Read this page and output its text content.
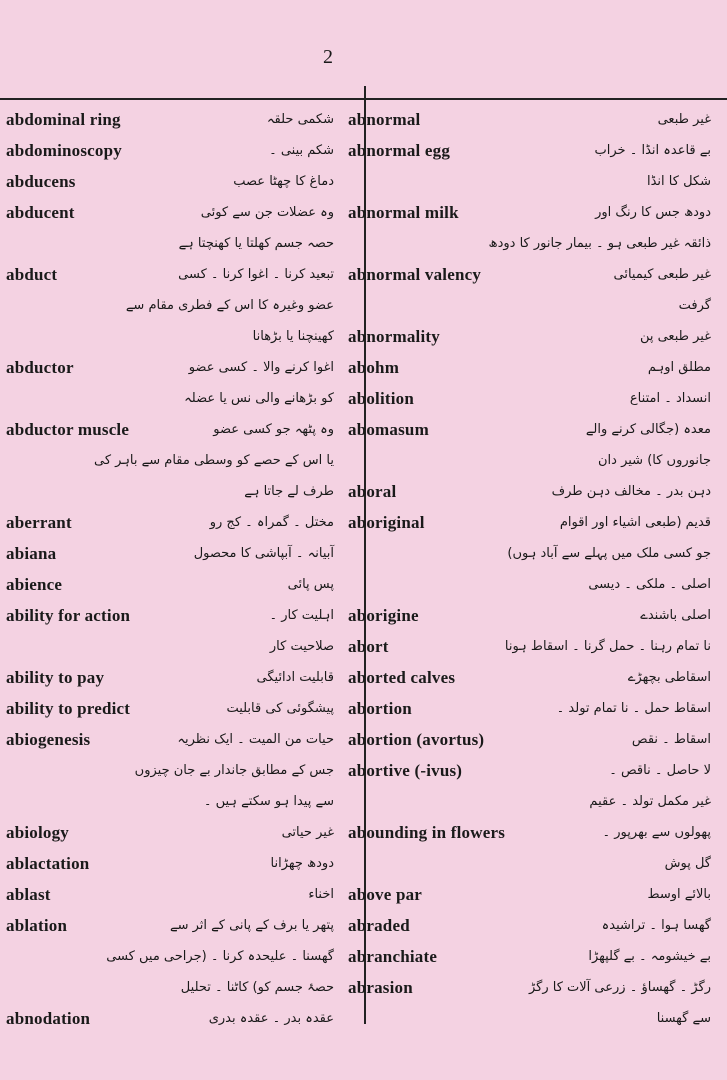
2
abdominal ring	شکمی حلقہ
abdominoscopy	شکم بینی ۔
abducens	دماغ کا چھٹا عصب
abducent	وہ عضلات جن سے کوئی
حصہ جسم کھلتا یا کھنچتا ہے
abduct	تبعید کرنا ۔ اغوا کرنا ۔ کسی
عضو وغیرہ کا اس کے فطری مقام سے
کھینچنا یا بڑھانا
abductor	اغوا کرنے والا ۔ کسی عضو
کو بڑھانے والی نس یا عضلہ
abductor muscle	وہ پٹھہ جو کسی عضو
یا اس کے حصے کو وسطی مقام سے باہر کی
طرف لے جاتا ہے
aberrant	مختل ۔ گمراہ ۔ کج رو
abiana	آبیانہ ۔ آبپاشی کا محصول
abience	پس پائی
ability for action	اہلیت کار ۔
صلاحیت کار
ability to pay	قابلیت ادائیگی
ability to predict	پیشگوئی کی قابلیت
abiogenesis	حیات من المیت ۔ ایک نظریہ
جس کے مطابق جاندار بے جان چیزوں
سے پیدا ہو سکتے ہیں ۔
abiology	غیر حیاتی
ablactation	دودھ چھڑانا
ablast	اخناء
ablation	پتھر یا برف کے پانی کے اثر سے
گھسنا ۔ علیحدہ کرنا ۔ (جراحی میں کسی
حصۂ جسم کو) کاٹنا ۔ تحلیل
abnodation	عقدہ بدر ۔ عقدہ بدری
abnormal	غیر طبعی
abnormal egg	بے قاعدہ انڈا ۔ خراب
شکل کا انڈا
abnormal milk	دودھ جس کا رنگ اور
ذائقہ غیر طبعی ہو ۔ بیمار جانور کا دودھ
abnormal valency	غیر طبعی کیمیائی
گرفت
abnormality	غیر طبعی پن
abohm	مطلق اوہم
abolition	انسداد ۔ امتناع
abomasum	معدہ (جگالی کرنے والے
جانوروں کا) شیر دان
aboral	دہن بدر ۔ مخالف دہن طرف
aboriginal	قدیم (طبعی اشیاء اور اقوام
جو کسی ملک میں پہلے سے آباد ہوں)
اصلی ۔ ملکی ۔ دیسی
aborigine	اصلی باشندے
abort	نا تمام رہنا ۔ حمل گرنا ۔ اسقاط ہونا
aborted calves	اسقاطی بچھڑے
abortion	اسقاط حمل ۔ نا تمام تولد ۔
abortion (avortus)	اسقاط ۔ نقص
abortive (-ivus)	لا حاصل ۔ ناقص ۔
غیر مکمل تولد ۔ عقیم
abounding in flowers	پھولوں سے بھرپور ۔
گل پوش
above par	بالائے اوسط
abraded	گھسا ہوا ۔ تراشیدہ
abranchiate	بے خیشومہ ۔ بے گلپھڑا
abrasion	رگڑ ۔ گھساؤ ۔ زرعی آلات کا رگڑ
سے گھسنا
